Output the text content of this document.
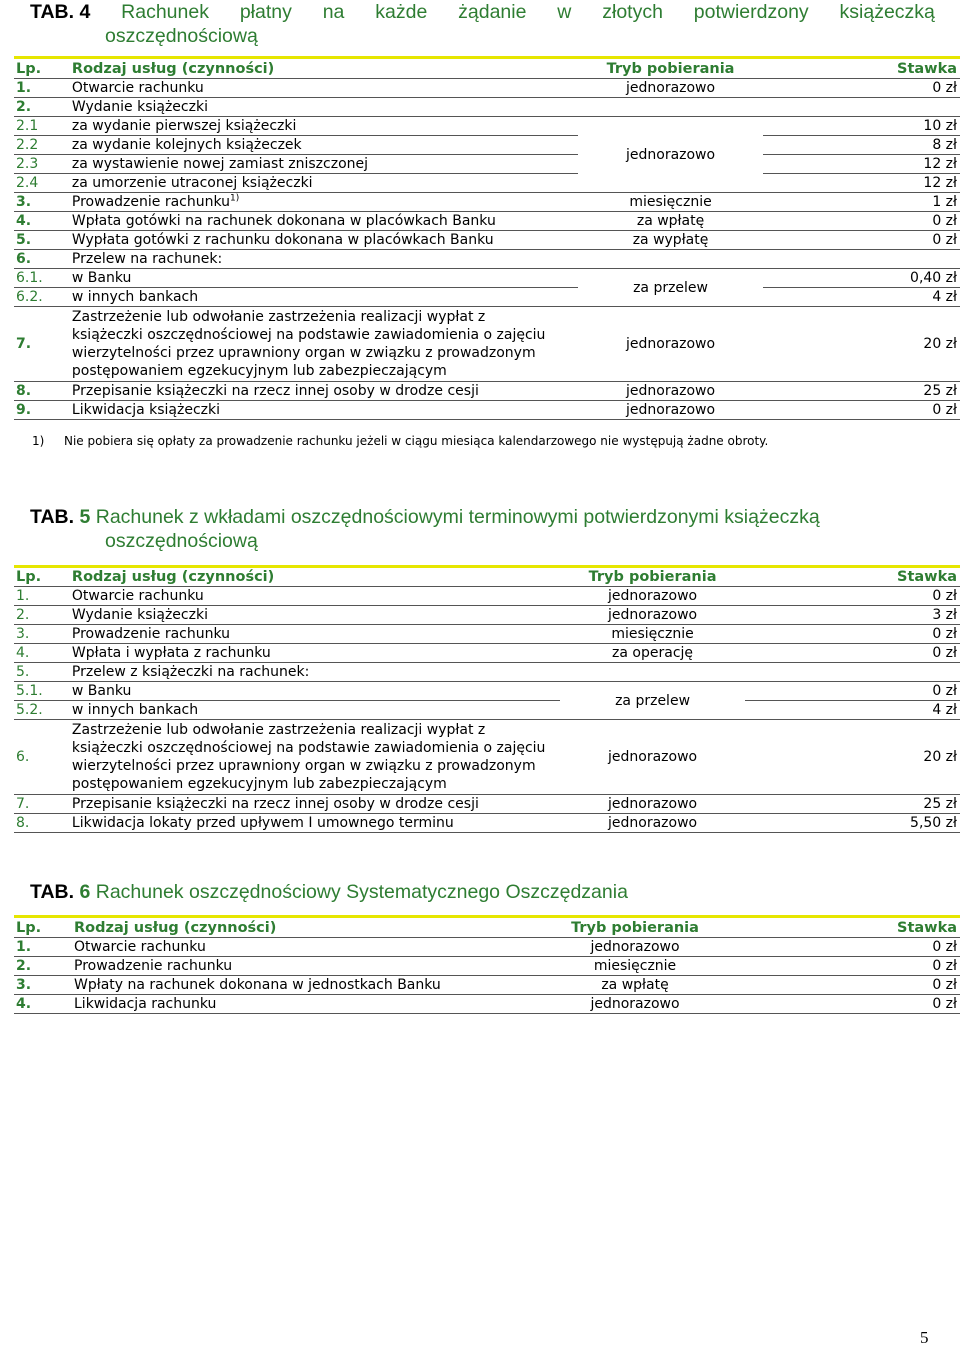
TAB. 4 Rachunek płatny na każde żądanie w złotych potwierdzony książeczką
oszczędnościową
Lp.	Rodzaj usług (czynności)	Tryb pobierania	Stawka
1.	Otwarcie rachunku	jednorazowo	0 zł
2.	Wydanie książeczki		
2.1	za wydanie pierwszej książeczki	jednorazowo	10 zł
2.2	za wydanie kolejnych książeczek		8 zł
2.3	za wystawienie nowej zamiast zniszczonej		12 zł
2.4	za umorzenie utraconej książeczki		12 zł
3.	Prowadzenie rachunku$^{1)}$	miesięcznie	1 zł
4.	Wpłata gotówki na rachunek dokonana w placówkach Banku	za wpłatę	0 zł
5.	Wypłata gotówki z rachunku dokonana w placówkach Banku	za wypłatę	0 zł
6.	Przelew na rachunek:		
6.1.	w Banku	za przelew	0,40 zł
6.2.	w innych bankach		4 zł
7.	Zastrzeżenie lub odwołanie zastrzeżenia realizacji wypłat z książeczki oszczędnościowej na podstawie zawiadomienia o zajęciu wierzytelności przez uprawniony organ w związku z prowadzonym postępowaniem egzekucyjnym lub zabezpieczającym	jednorazowo	20 zł
8.	Przepisanie książeczki na rzecz innej osoby w drodze cesji	jednorazowo	25 zł
9.	Likwidacja książeczki	jednorazowo	0 zł
1) Nie pobiera się opłaty za prowadzenie rachunku jeżeli w ciągu miesiąca kalendarzowego nie występują żadne obroty.
TAB. 5 Rachunek z wkładami oszczędnościowymi terminowymi potwierdzonymi książeczką
oszczędnościową
Lp.	Rodzaj usług (czynności)	Tryb pobierania	Stawka
1.	Otwarcie rachunku	jednorazowo	0 zł
2.	Wydanie książeczki	jednorazowo	3 zł
3.	Prowadzenie rachunku	miesięcznie	0 zł
4.	Wpłata i wypłata z rachunku	za operację	0 zł
5.	Przelew z książeczki na rachunek:		
5.1.	w Banku	za przelew	0 zł
5.2.	w innych bankach		4 zł
6.	Zastrzeżenie lub odwołanie zastrzeżenia realizacji wypłat z książeczki oszczędnościowej na podstawie zawiadomienia o zajęciu wierzytelności przez uprawniony organ w związku z prowadzonym postępowaniem egzekucyjnym lub zabezpieczającym	jednorazowo	20 zł
7.	Przepisanie książeczki na rzecz innej osoby w drodze cesji	jednorazowo	25 zł
8.	Likwidacja lokaty przed upływem I umownego terminu	jednorazowo	5,50 zł
TAB. 6 Rachunek oszczędnościowy Systematycznego Oszczędzania
Lp.	Rodzaj usług (czynności)	Tryb pobierania	Stawka
1.	Otwarcie rachunku	jednorazowo	0 zł
2.	Prowadzenie rachunku	miesięcznie	0 zł
3.	Wpłaty na rachunek dokonana w jednostkach Banku	za wpłatę	0 zł
4.	Likwidacja rachunku	jednorazowo	0 zł
5
